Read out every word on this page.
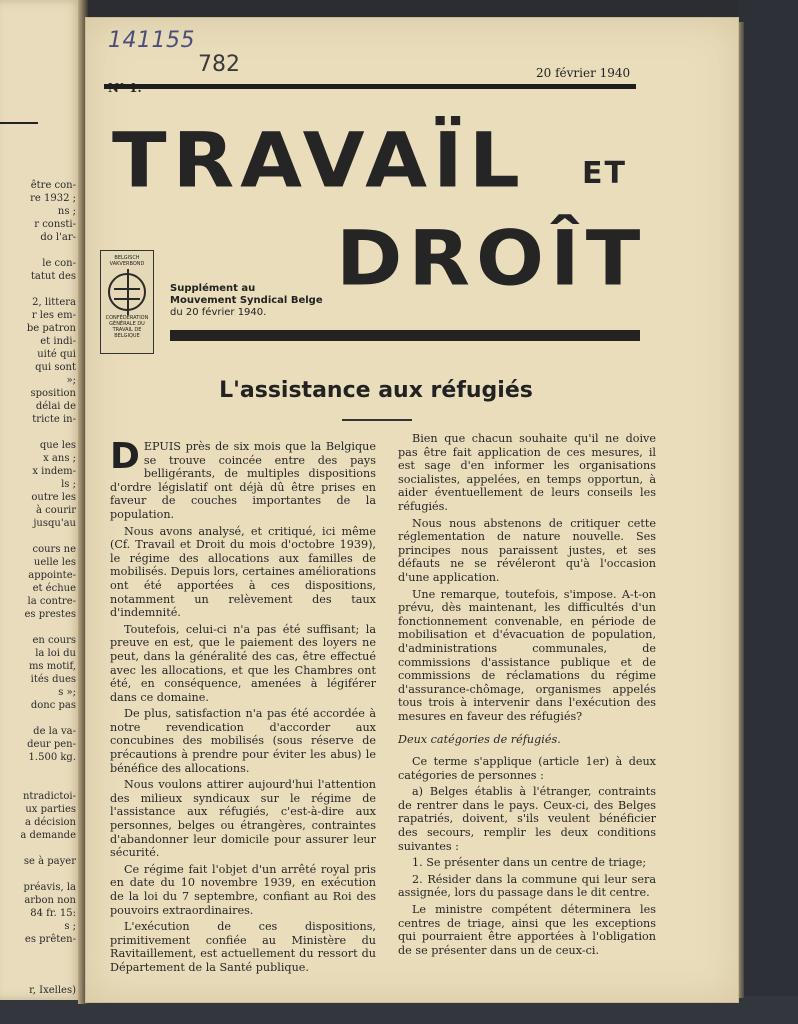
être con-
re 1932 ;
ns ;
r consti-
do l'ar-
le con-
tatut des
2, littera
r les em-
be patron
et indi-
uité qui
qui sont
»;
sposition
délai de
tricte in-
que les
x ans ;
x indem-
ls ;
outre les
à courir
jusqu'au
cours ne
uelle les
appointe-
et échue
la contre-
es prestes
en cours
la loi du
ms motif,
ités dues
s »;
donc pas
de la va-
deur pen-
1.500 kg.
ntradictoi-
ux parties
a décision
a demande
se à payer
préavis, la
arbon non
84 fr. 15:
s ;
es prêten-
r, Ixelles)
141155
782	20 février 1940
TRAVAÏL ET
DROÎT
BELGISCH VAKVERBOND
CONFÉDÉRATION GÉNÉRALE DU TRAVAIL DE BELGIQUE
Supplément au
Mouvement Syndical Belge
du 20 février 1940.
L'assistance aux réfugiés
D EPUIS près de six mois que la Belgique se trouve coincée entre des pays belligérants, de multiples dispositions d'ordre législatif ont déjà dû être prises en faveur de couches importantes de la population.

Nous avons analysé, et critiqué, ici même (Cf. Travail et Droit du mois d'octobre 1939), le régime des allocations aux familles de mobilisés. Depuis lors, certaines améliorations ont été apportées à ces dispositions, notamment un relèvement des taux d'indemnité.

Toutefois, celui-ci n'a pas été suffisant; la preuve en est, que le paiement des loyers ne peut, dans la généralité des cas, être effectué avec les allocations, et que les Chambres ont été, en conséquence, amenées à légiférer dans ce domaine.

De plus, satisfaction n'a pas été accordée à notre revendication d'accorder aux concubines des mobilisés (sous réserve de précautions à prendre pour éviter les abus) le bénéfice des allocations.

Nous voulons attirer aujourd'hui l'attention des milieux syndicaux sur le régime de l'assistance aux réfugiés, c'est-à-dire aux personnes, belges ou étrangères, contraintes d'abandonner leur domicile pour assurer leur sécurité.

Ce régime fait l'objet d'un arrêté royal pris en date du 10 novembre 1939, en exécution de la loi du 7 septembre, confiant au Roi des pouvoirs extraordinaires.

L'exécution de ces dispositions, primitivement confiée au Ministère du Ravitaillement, est actuellement du ressort du Département de la Santé publique.

Bien que chacun souhaite qu'il ne doive pas être fait application de ces mesures, il est sage d'en informer les organisations socialistes, appelées, en temps opportun, à aider éventuellement de leurs conseils les réfugiés.

Nous nous abstenons de critiquer cette réglementation de nature nouvelle. Ses principes nous paraissent justes, et ses défauts ne se révéleront qu'à l'occasion d'une application.

Une remarque, toutefois, s'impose. A-t-on prévu, dès maintenant, les difficultés d'un fonctionnement convenable, en période de mobilisation et d'évacuation de population, d'administrations communales, de commissions d'assistance publique et de commissions de réclamations du régime d'assurance-chômage, organismes appelés tous trois à intervenir dans l'exécution des mesures en faveur des réfugiés?

Deux catégories de réfugiés.

Ce terme s'applique (article 1er) à deux catégories de personnes :

a) Belges établis à l'étranger, contraints de rentrer dans le pays. Ceux-ci, des Belges rapatriés, doivent, s'ils veulent bénéficier des secours, remplir les deux conditions suivantes :

1. Se présenter dans un centre de triage;

2. Résider dans la commune qui leur sera assignée, lors du passage dans le dit centre.

Le ministre compétent déterminera les centres de triage, ainsi que les exceptions qui pourraient être apportées à l'obligation de se présenter dans un de ceux-ci.
